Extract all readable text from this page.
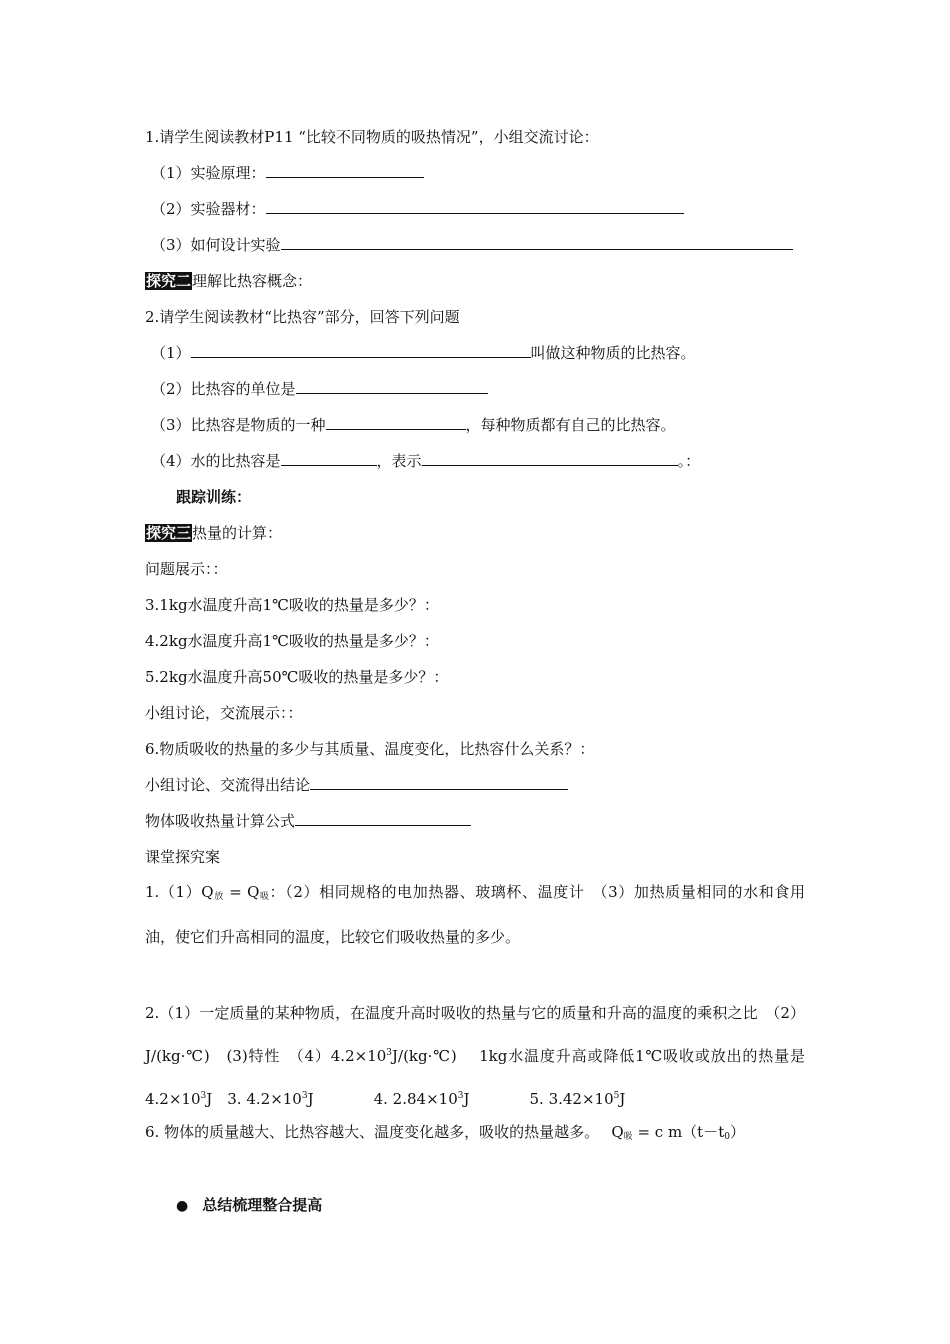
1.请学生阅读教材P11 “比较不同物质的吸热情况”，小组交流讨论：
（1）实验原理：
（2）实验器材：
（3）如何设计实验
探究二理解比热容概念：
2.请学生阅读教材“比热容”部分，回答下列问题
（1）	叫做这种物质的比热容。
（2）比热容的单位是
（3）比热容是物质的一种	，每种物质都有自己的比热容。
（4）水的比热容是	，表示	。：
跟踪训练：
探究三热量的计算：
问题展示：：
3.1kg水温度升高1℃吸收的热量是多少？：
4.2kg水温度升高1℃吸收的热量是多少？：
5.2kg水温度升高50℃吸收的热量是多少？：
小组讨论，交流展示：：
6.物质吸收的热量的多少与其质量、温度变化，比热容什么关系？：
小组讨论、交流得出结论
物体吸收热量计算公式
课堂探究案
$1.(1)Q_放 = Q_吸$：（2）相同规格的电加热器、玻璃杯、温度计　（3）加热质量相同的水和食用油，使它们升高相同的温度，比较它们吸收热量的多少。
2.（1）一定质量的某种物质，在温度升高时吸收的热量与它的质量和升高的温度的乘积之比　（2）J/(kg·℃)　(3)特性　$(4)4.2\times 10^3J/(kg\cdot℃)$　 1kg水温度升高或降低1℃吸收或放出的热量是$4.2\times 10^3J$　3. $4.2\times 10^3J$　　　　4. $2.84\times 10^3J$　　　　5. $3.42\times 10^5J$
6. 物体的质量越大、比热容越大、温度变化越多，吸收的热量越多。　 $Q_吸 = c$ $m(t-t_0)$
● 总结梳理整合提高
